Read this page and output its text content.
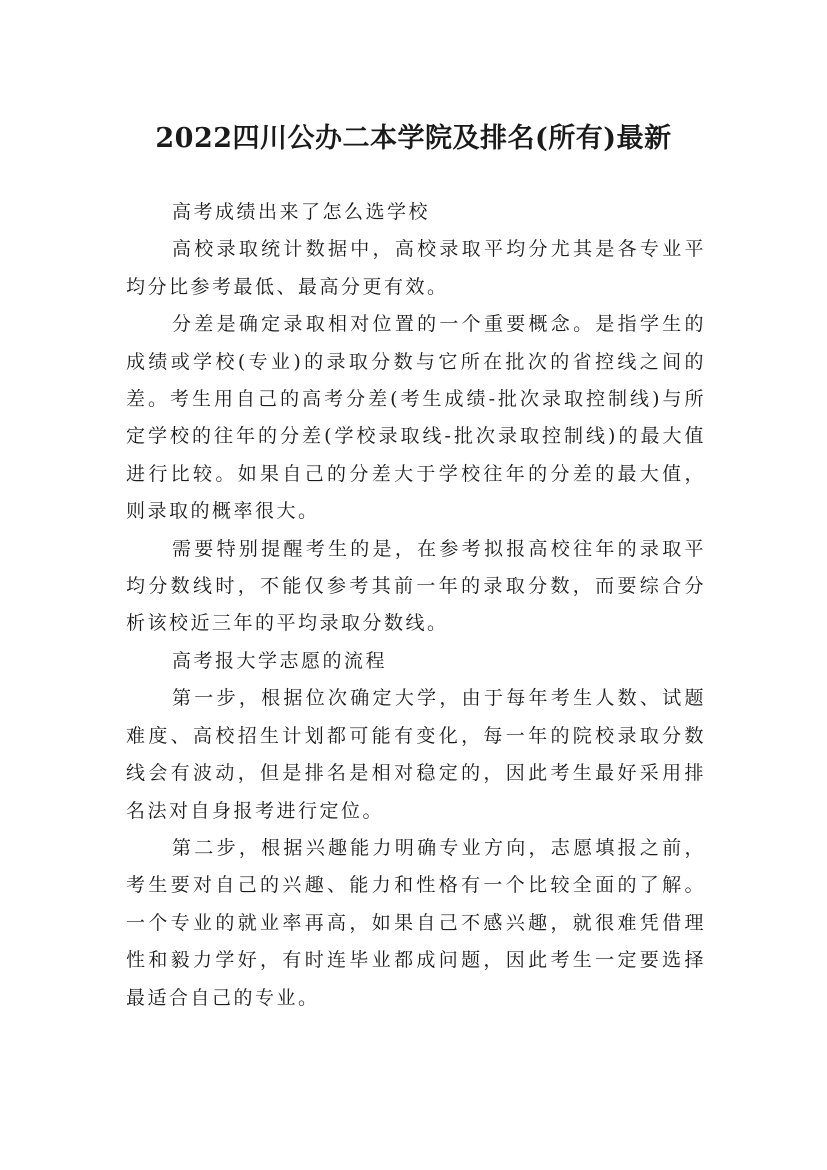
2022四川公办二本学院及排名(所有)最新

高考成绩出来了怎么选学校

高校录取统计数据中，高校录取平均分尤其是各专业平均分比参考最低、最高分更有效。

分差是确定录取相对位置的一个重要概念。是指学生的成绩或学校(专业)的录取分数与它所在批次的省控线之间的差。考生用自己的高考分差(考生成绩-批次录取控制线)与所定学校的往年的分差(学校录取线-批次录取控制线)的最大值进行比较。如果自己的分差大于学校往年的分差的最大值，则录取的概率很大。

需要特别提醒考生的是，在参考拟报高校往年的录取平均分数线时，不能仅参考其前一年的录取分数，而要综合分析该校近三年的平均录取分数线。

高考报大学志愿的流程

第一步，根据位次确定大学，由于每年考生人数、试题难度、高校招生计划都可能有变化，每一年的院校录取分数线会有波动，但是排名是相对稳定的，因此考生最好采用排名法对自身报考进行定位。

第二步，根据兴趣能力明确专业方向，志愿填报之前，考生要对自己的兴趣、能力和性格有一个比较全面的了解。一个专业的就业率再高，如果自己不感兴趣，就很难凭借理性和毅力学好，有时连毕业都成问题，因此考生一定要选择最适合自己的专业。
